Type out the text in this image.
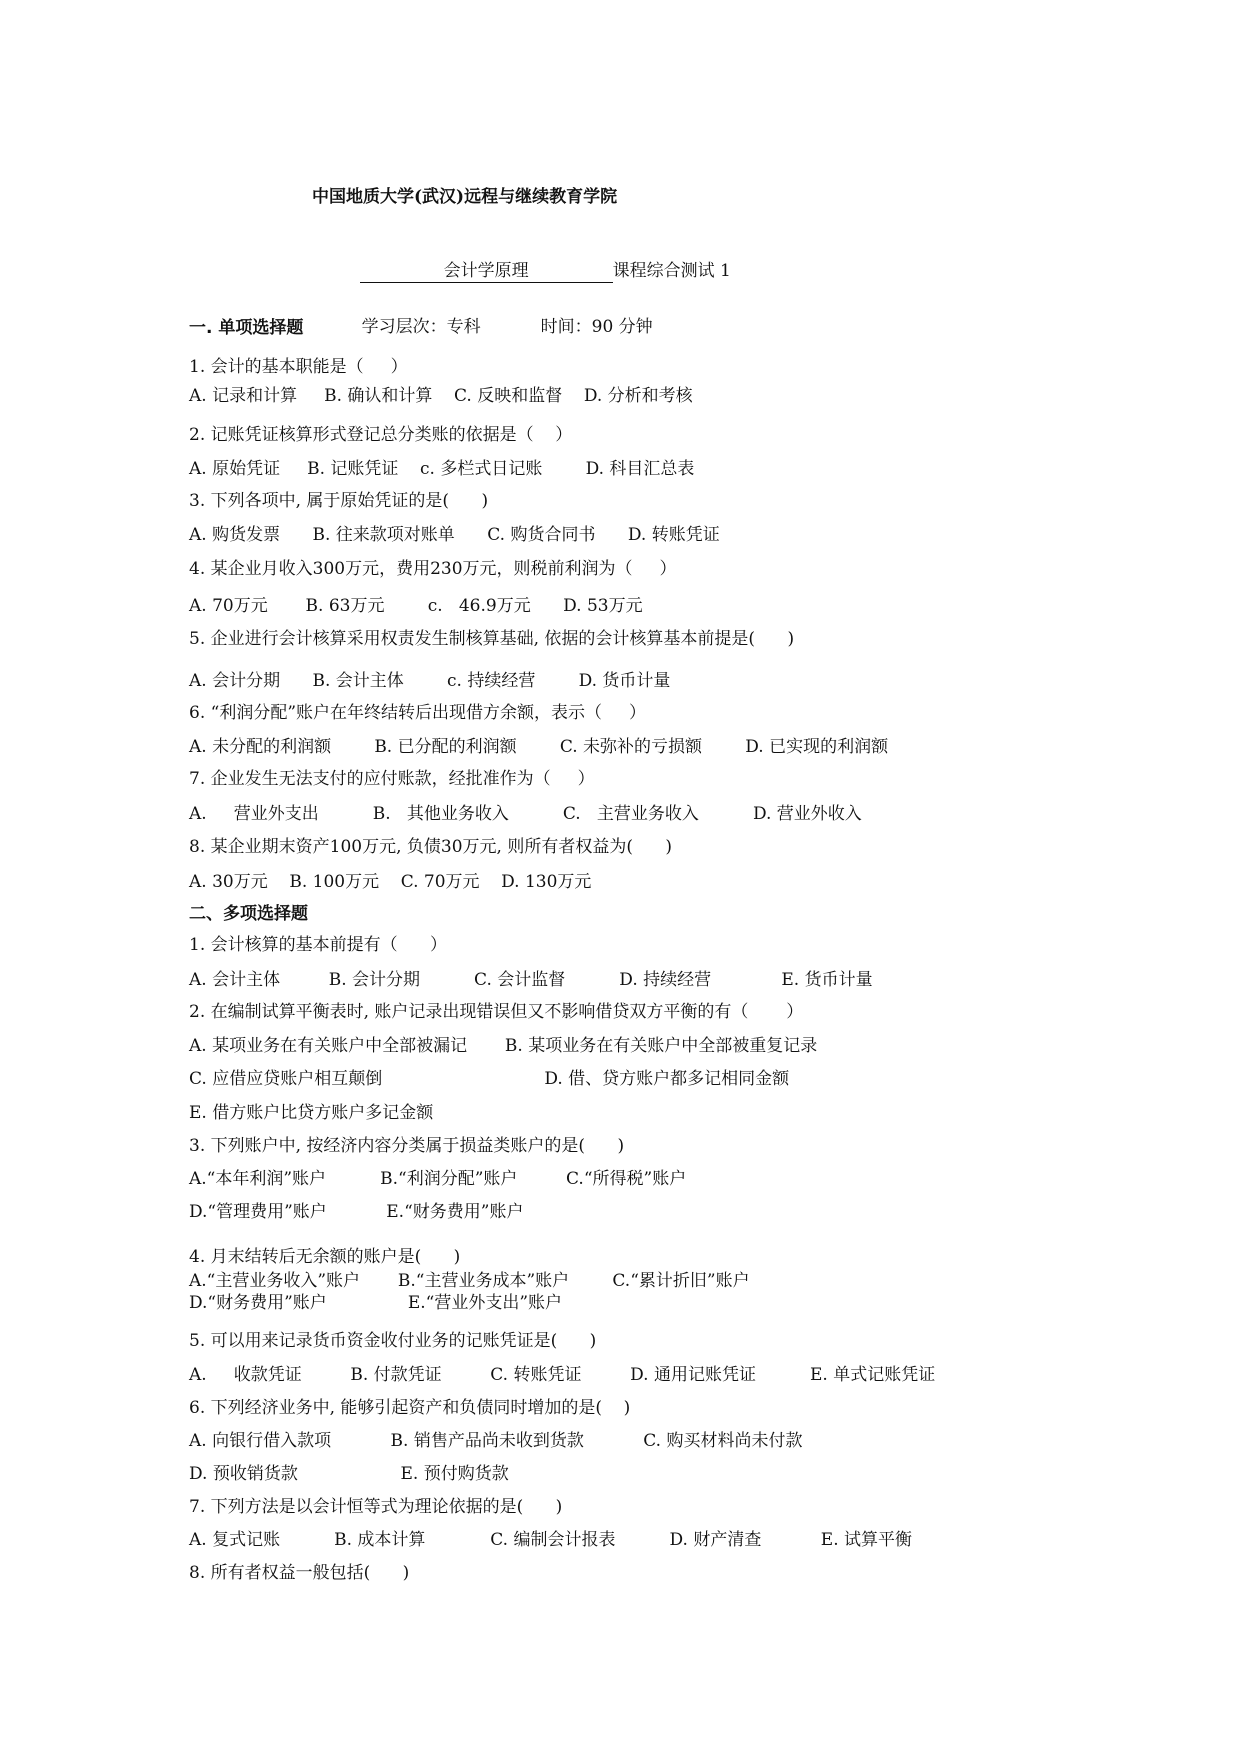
中国地质大学(武汉)远程与继续教育学院

会计学原理	课程综合测试 1

学习层次：专科	时间：90 分钟

一. 单项选择题
1. 会计的基本职能是（     ）
A. 记录和计算     B. 确认和计算    C. 反映和监督    D. 分析和考核
2. 记账凭证核算形式登记总分类账的依据是（    ）
A. 原始凭证     B. 记账凭证    c. 多栏式日记账        D. 科目汇总表
3. 下列各项中, 属于原始凭证的是(      )
A. 购货发票      B. 往来款项对账单      C. 购货合同书      D. 转账凭证
4. 某企业月收入300万元，费用230万元，则税前利润为（     ）
A. 70万元       B. 63万元        c.   46.9万元      D. 53万元
5. 企业进行会计核算采用权责发生制核算基础, 依据的会计核算基本前提是(      )
A. 会计分期      B. 会计主体        c. 持续经营        D. 货币计量
6. “利润分配”账户在年终结转后出现借方余额，表示（     ）
A. 未分配的利润额        B. 已分配的利润额        C. 未弥补的亏损额        D. 已实现的利润额
7. 企业发生无法支付的应付账款，经批准作为（     ）
A.     营业外支出          B.   其他业务收入          C.   主营业务收入          D. 营业外收入
8. 某企业期末资产100万元, 负债30万元, 则所有者权益为(      )
A. 30万元    B. 100万元    C. 70万元    D. 130万元
二、多项选择题
1. 会计核算的基本前提有（      ）
A. 会计主体         B. 会计分期          C. 会计监督          D. 持续经营             E. 货币计量
2. 在编制试算平衡表时, 账户记录出现错误但又不影响借贷双方平衡的有（       ）
A. 某项业务在有关账户中全部被漏记       B. 某项业务在有关账户中全部被重复记录
C. 应借应贷账户相互颠倒                              D. 借、贷方账户都多记相同金额
E. 借方账户比贷方账户多记金额
3. 下列账户中, 按经济内容分类属于损益类账户的是(      )
A.“本年利润”账户          B.“利润分配”账户         C.“所得税”账户
D.“管理费用”账户           E.“财务费用”账户
4. 月末结转后无余额的账户是(      )
A.“主营业务收入”账户       B.“主营业务成本”账户        C.“累计折旧”账户
D.“财务费用”账户               E.“营业外支出”账户
5. 可以用来记录货币资金收付业务的记账凭证是(      )
A.     收款凭证         B. 付款凭证         C. 转账凭证         D. 通用记账凭证          E. 单式记账凭证
6. 下列经济业务中, 能够引起资产和负债同时增加的是(    )
A. 向银行借入款项           B. 销售产品尚未收到货款           C. 购买材料尚未付款
D. 预收销货款                   E. 预付购货款
7. 下列方法是以会计恒等式为理论依据的是(      )
A. 复式记账          B. 成本计算            C. 编制会计报表          D. 财产清查           E. 试算平衡
8. 所有者权益一般包括(      )
